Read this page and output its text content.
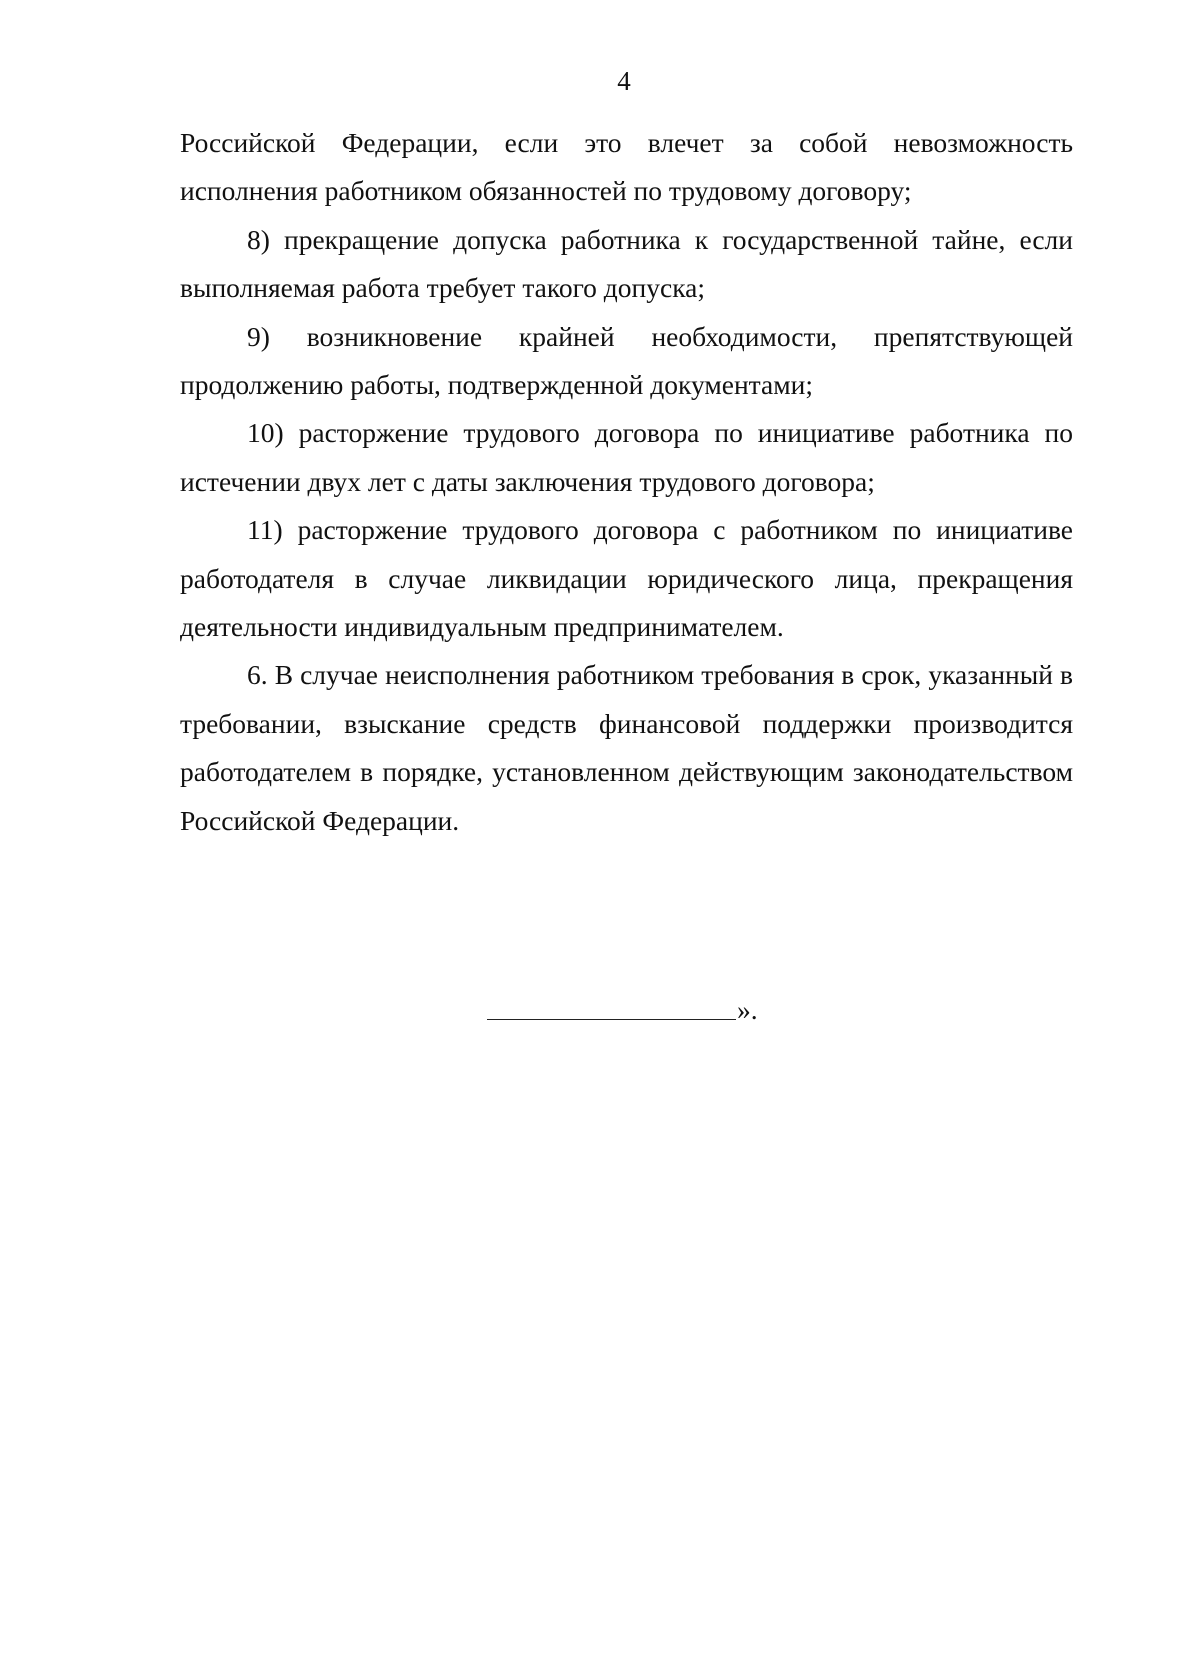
4

Российской Федерации, если это влечет за собой невозможность исполнения работником обязанностей по трудовому договору;

8) прекращение допуска работника к государственной тайне, если выполняемая работа требует такого допуска;

9) возникновение крайней необходимости, препятствующей продолжению работы, подтвержденной документами;

10) расторжение трудового договора по инициативе работника по истечении двух лет с даты заключения трудового договора;

11) расторжение трудового договора с работником по инициативе работодателя в случае ликвидации юридического лица, прекращения деятельности индивидуальным предпринимателем.

6. В случае неисполнения работником требования в срок, указанный в требовании, взыскание средств финансовой поддержки производится работодателем в порядке, установленном действующим законодательством Российской Федерации.

».
